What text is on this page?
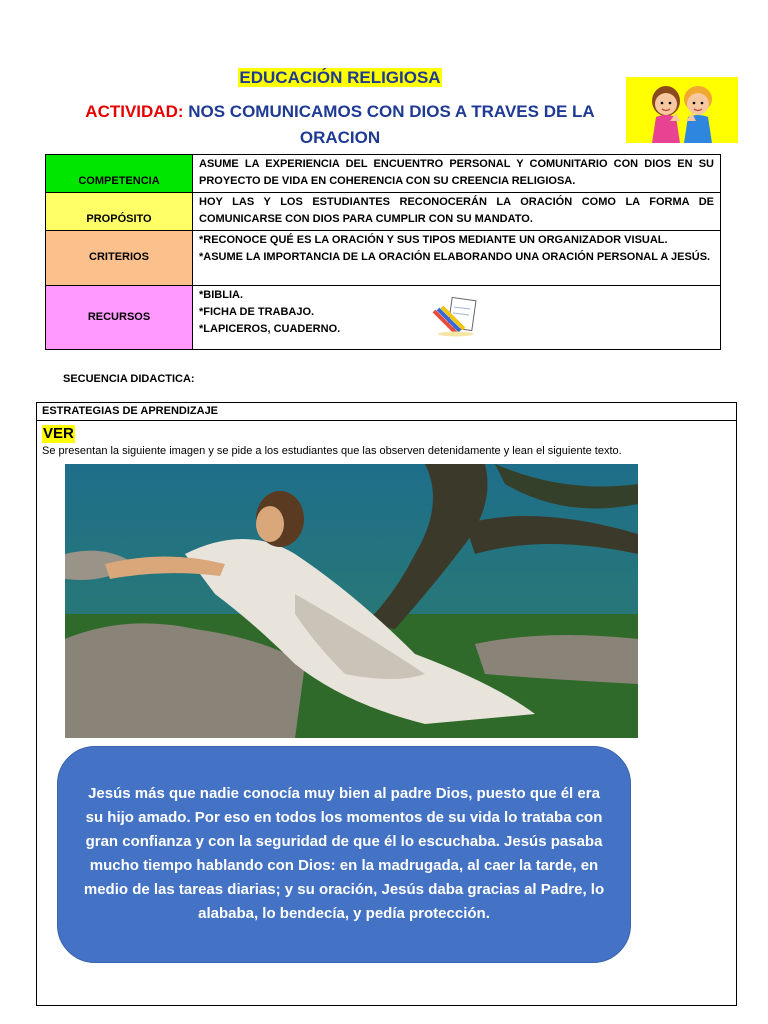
EDUCACIÓN RELIGIOSA
ACTIVIDAD: NOS COMUNICAMOS CON DIOS A TRAVES DE LA ORACION
COMPETENCIA	ASUME LA EXPERIENCIA DEL ENCUENTRO PERSONAL Y COMUNITARIO CON DIOS EN SU PROYECTO DE VIDA EN COHERENCIA CON SU CREENCIA RELIGIOSA.
PROPÓSITO	HOY LAS Y LOS ESTUDIANTES RECONOCERÁN LA ORACIÓN COMO LA FORMA DE COMUNICARSE CON DIOS PARA CUMPLIR CON SU MANDATO.
CRITERIOS	*RECONOCE QUÉ ES LA ORACIÓN Y SUS TIPOS MEDIANTE UN ORGANIZADOR VISUAL.
*ASUME LA IMPORTANCIA DE LA ORACIÓN ELABORANDO UNA ORACIÓN PERSONAL A JESÚS.

RECURSOS	*BIBLIA.
*FICHA DE TRABAJO.
*LAPICEROS, CUADERNO.
SECUENCIA DIDACTICA:
ESTRATEGIAS DE APRENDIZAJE
VER
Se presentan la siguiente imagen y se pide a los estudiantes que las observen detenidamente y lean el siguiente texto.
Jesús más que nadie conocía muy bien al padre Dios, puesto que él era su hijo amado. Por eso en todos los momentos de su vida lo trataba con gran confianza y con la seguridad de que él lo escuchaba. Jesús pasaba mucho tiempo hablando con Dios: en la madrugada, al caer la tarde, en medio de las tareas diarias; y su oración, Jesús daba gracias al Padre, lo alababa, lo bendecía, y pedía protección.
